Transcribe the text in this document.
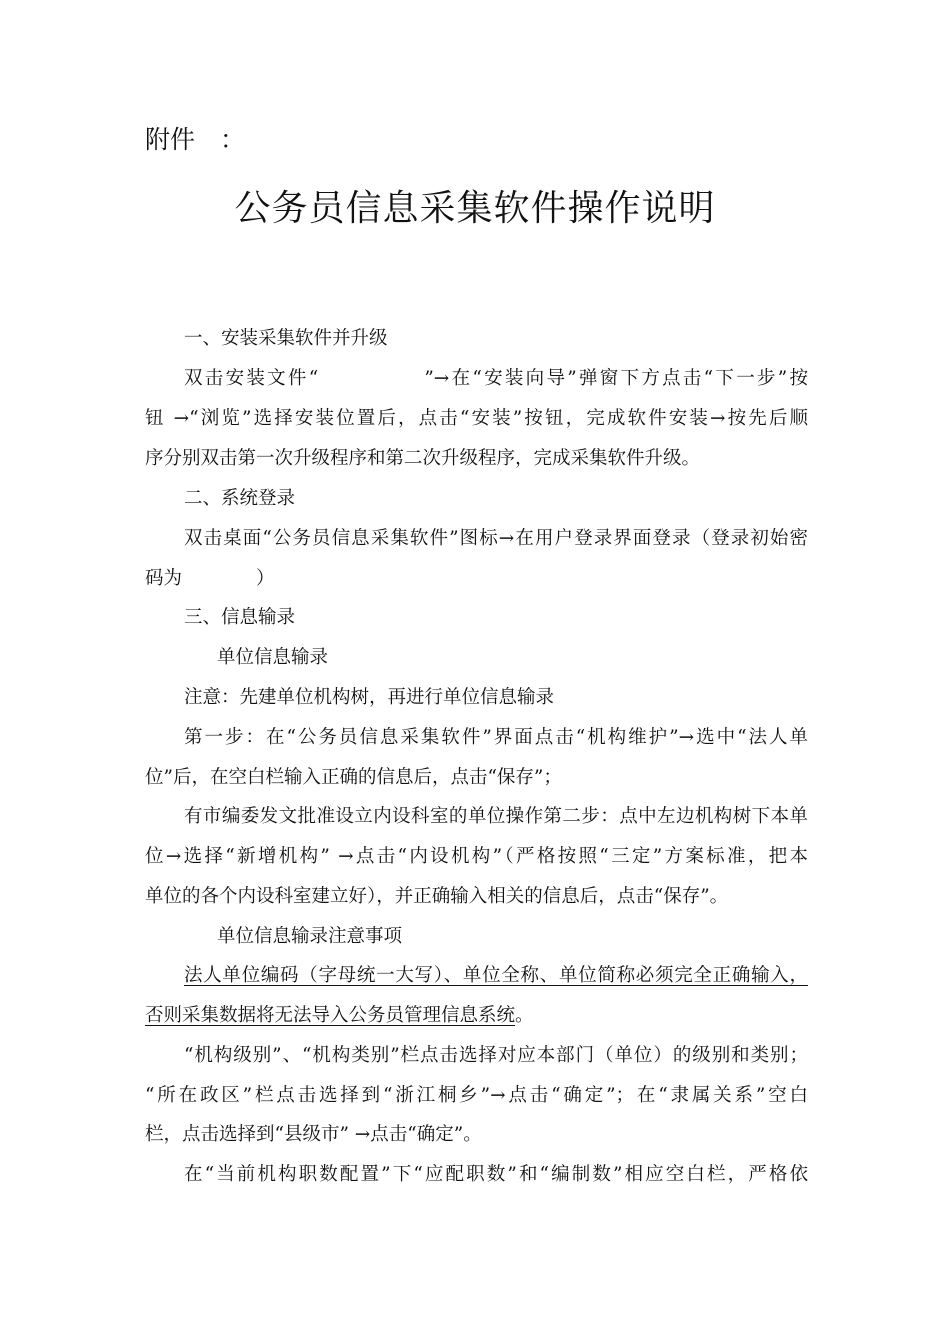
附件　：
公务员信息采集软件操作说明
一、安装采集软件并升级
双击安装文件“　　　　　”→在“安装向导”弹窗下方点击“下一步”按
钮 →“浏览”选择安装位置后，点击“安装”按钮，完成软件安装→按先后顺
序分别双击第一次升级程序和第二次升级程序，完成采集软件升级。
二、系统登录
双击桌面“公务员信息采集软件”图标→在用户登录界面登录（登录初始密
码为　　　　）
三、信息输录
单位信息输录
注意：先建单位机构树，再进行单位信息输录
第一步：在“公务员信息采集软件”界面点击“机构维护”→选中“法人单
位”后，在空白栏输入正确的信息后，点击“保存”；
有市编委发文批准设立内设科室的单位操作第二步：点中左边机构树下本单
位→选择“新增机构” →点击“内设机构”（严格按照“三定”方案标准，把本
单位的各个内设科室建立好），并正确输入相关的信息后，点击“保存”。
单位信息输录注意事项
法人单位编码（字母统一大写）、单位全称、单位简称必须完全正确输入，
否则采集数据将无法导入公务员管理信息系统。
“机构级别”、“机构类别”栏点击选择对应本部门（单位）的级别和类别；
“所在政区”栏点击选择到“浙江桐乡”→点击“确定”；在“隶属关系”空白
栏，点击选择到“县级市” →点击“确定”。
在“当前机构职数配置”下“应配职数”和“编制数”相应空白栏，严格依
